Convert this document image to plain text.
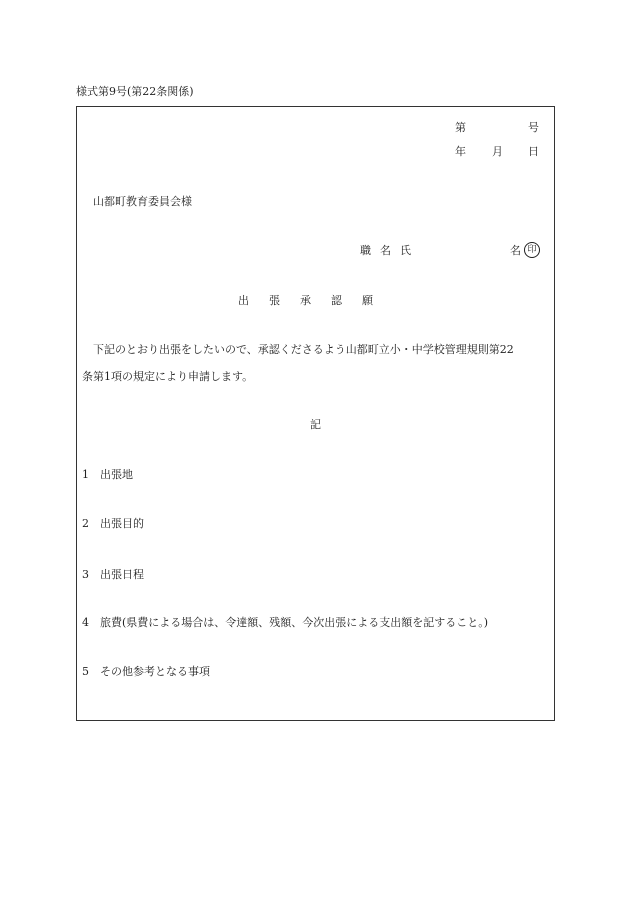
様式第9号(第22条関係)
第	号
年 月 日
山都町教育委員会様
職名氏	名 印
出張承認願
下記のとおり出張をしたいので、承認くださるよう山都町立小・中学校管理規則第22
条第1項の規定により申請します。
記
1 出張地
2 出張目的
3 出張日程
4 旅費(県費による場合は、令達額、残額、今次出張による支出額を記すること。)
5 その他参考となる事項
